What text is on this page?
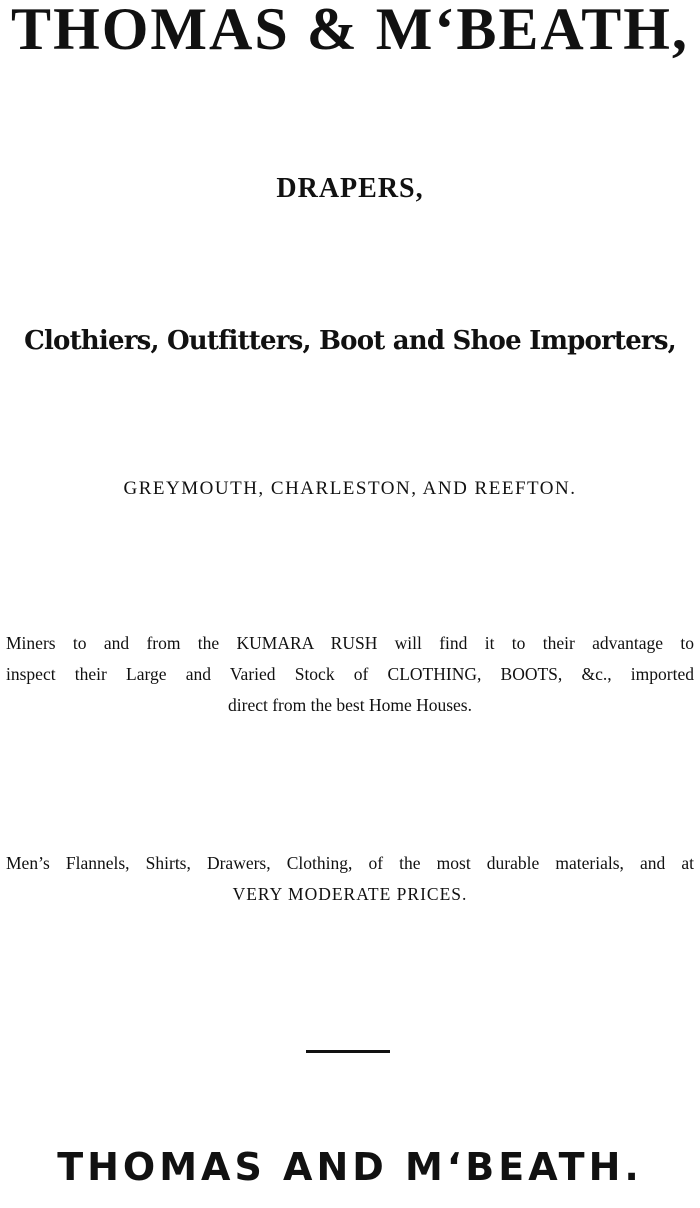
THOMAS & M‘BEATH,
DRAPERS,
Clothiers, Outfitters, Boot and Shoe Importers,
GREYMOUTH, CHARLESTON, AND REEFTON.
Miners to and from the KUMARA RUSH will find it to their advantage to
inspect their Large and Varied Stock of CLOTHING, BOOTS, &c., imported
direct from the best Home Houses.
Men’s Flannels, Shirts, Drawers, Clothing, of the most durable materials, and at
VERY MODERATE PRICES.
THOMAS AND M‘BEATH.
